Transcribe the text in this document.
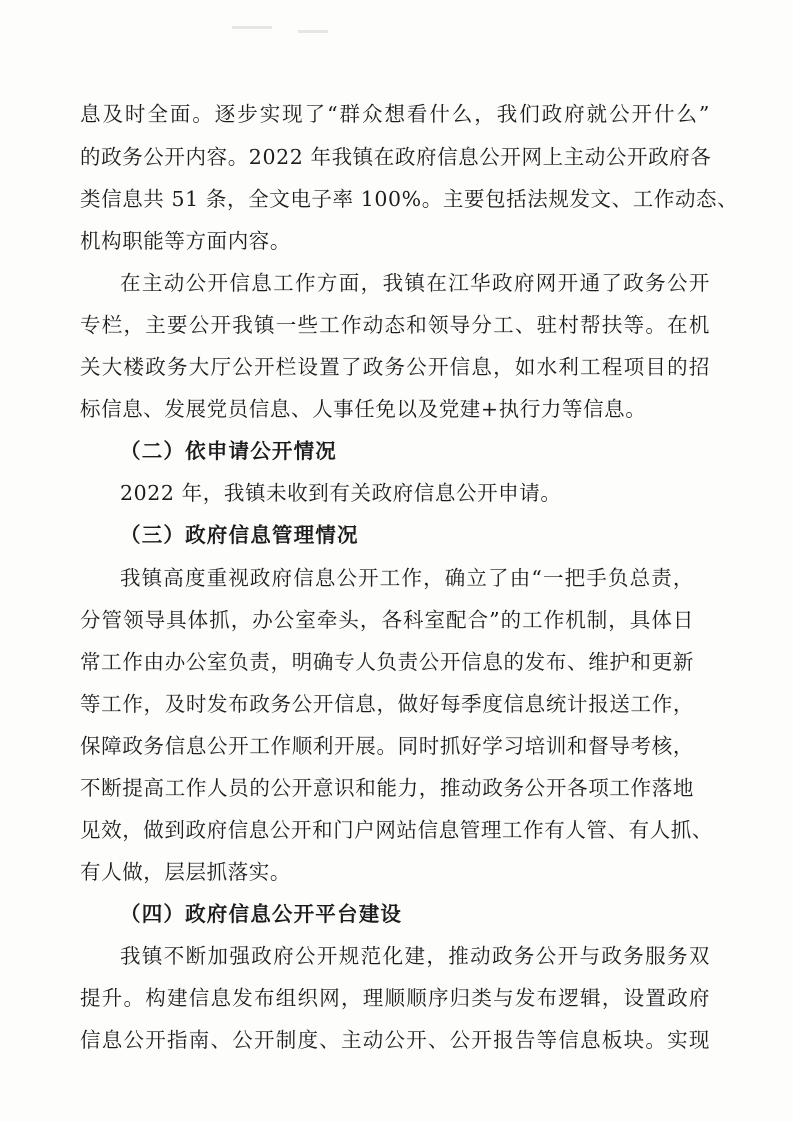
息及时全面。逐步实现了“群众想看什么，我们政府就公开什么”
的政务公开内容。2022 年我镇在政府信息公开网上主动公开政府各
类信息共 51 条，全文电子率 100%。主要包括法规发文、工作动态、
机构职能等方面内容。
在主动公开信息工作方面，我镇在江华政府网开通了政务公开
专栏，主要公开我镇一些工作动态和领导分工、驻村帮扶等。在机
关大楼政务大厅公开栏设置了政务公开信息，如水利工程项目的招
标信息、发展党员信息、人事任免以及党建+执行力等信息。
（二）依申请公开情况
2022 年，我镇未收到有关政府信息公开申请。
（三）政府信息管理情况
我镇高度重视政府信息公开工作，确立了由“一把手负总责，
分管领导具体抓，办公室牵头，各科室配合”的工作机制，具体日
常工作由办公室负责，明确专人负责公开信息的发布、维护和更新
等工作，及时发布政务公开信息，做好每季度信息统计报送工作，
保障政务信息公开工作顺利开展。同时抓好学习培训和督导考核，
不断提高工作人员的公开意识和能力，推动政务公开各项工作落地
见效，做到政府信息公开和门户网站信息管理工作有人管、有人抓、
有人做，层层抓落实。
（四）政府信息公开平台建设
我镇不断加强政府公开规范化建，推动政务公开与政务服务双
提升。构建信息发布组织网，理顺顺序归类与发布逻辑，设置政府
信息公开指南、公开制度、主动公开、公开报告等信息板块。实现
